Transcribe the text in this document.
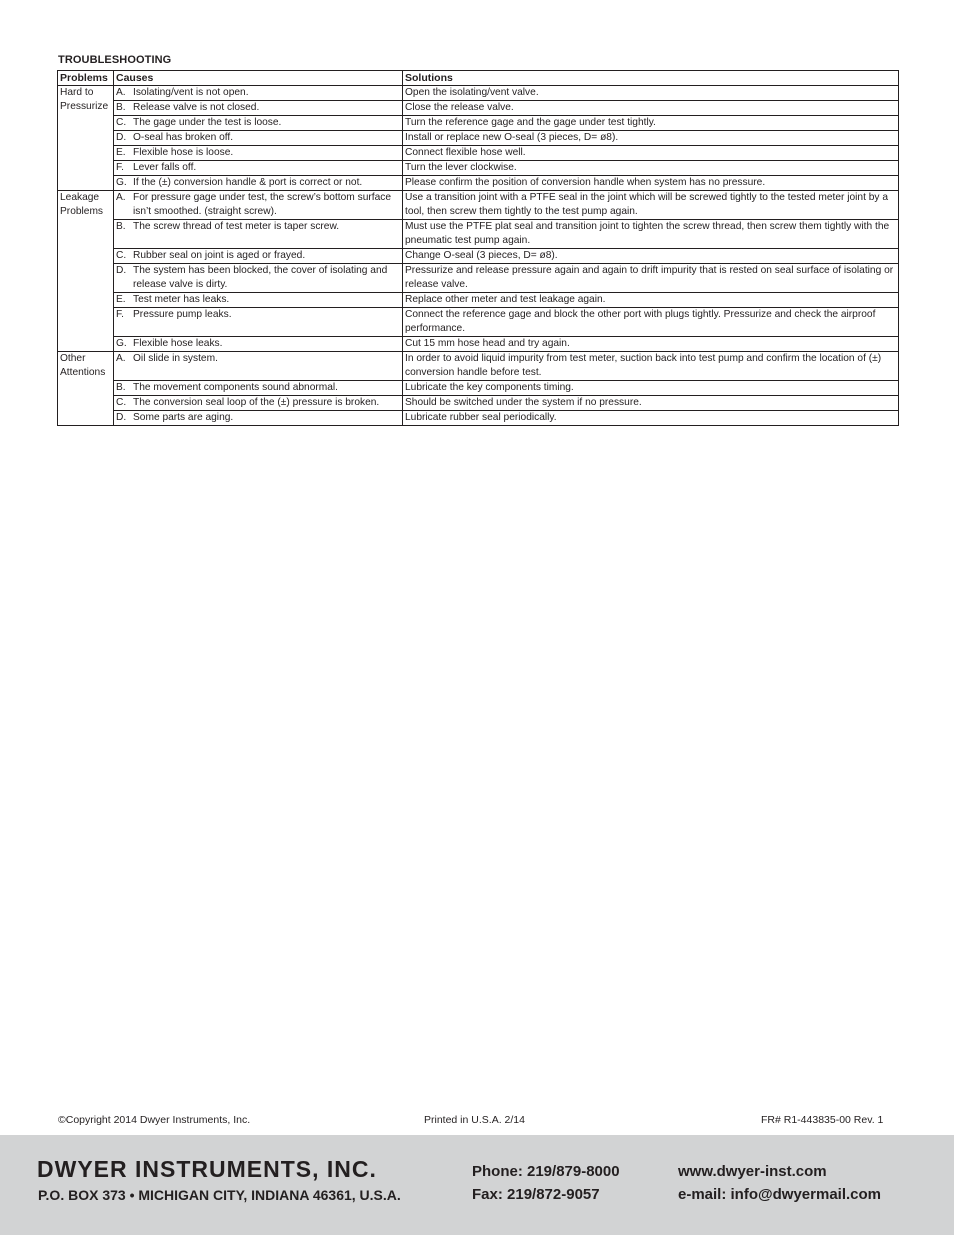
TROUBLESHOOTING
Problems	Causes	Solutions
Hard to Pressurize	A. Isolating/vent is not open.	Open the isolating/vent valve.

	B. Release valve is not closed.	Close the release valve.

	C. The gage under the test is loose.	Turn the reference gage and the gage under test tightly.

	D. O-seal has broken off.	Install or replace new O-seal (3 pieces, D= ø8).

	E. Flexible hose is loose.	Connect flexible hose well.

	F. Lever falls off.	Turn the lever clockwise.

	G. If the (±) conversion handle & port is correct or not.	Please confirm the position of conversion handle when system has no pressure.
Leakage Problems	A. For pressure gage under test, the screw’s bottom surface isn’t smoothed. (straight screw).	Use a transition joint with a PTFE seal in the joint which will be screwed tightly to the tested meter joint by a tool, then screw them tightly to the test pump again.

	B. The screw thread of test meter is taper screw.	Must use the PTFE plat seal and transition joint to tighten the screw thread, then screw them tightly with the pneumatic test pump again.

	C. Rubber seal on joint is aged or frayed.	Change O-seal (3 pieces, D= ø8).

	D. The system has been blocked, the cover of isolating and release valve is dirty.	Pressurize and release pressure again and again to drift impurity that is rested on seal surface of isolating or release valve.

	E. Test meter has leaks.	Replace other meter and test leakage again.

	F. Pressure pump leaks.	Connect the reference gage and block the other port with plugs tightly. Pressurize and check the airproof performance.

	G. Flexible hose leaks.	Cut 15 mm hose head and try again.
Other Attentions	A. Oil slide in system.	In order to avoid liquid impurity from test meter, suction back into test pump and confirm the location of (±) conversion handle before test.

	B. The movement components sound abnormal.	Lubricate the key components timing.

	C. The conversion seal loop of the (±) pressure is broken.	Should be switched under the system if no pressure.

	D. Some parts are aging.	Lubricate rubber seal periodically.
©Copyright 2014 Dwyer Instruments, Inc.	Printed in U.S.A. 2/14	FR# R1-443835-00 Rev. 1
DWYER INSTRUMENTS, INC.
P.O. BOX 373 • MICHIGAN CITY, INDIANA 46361, U.S.A.
Phone: 219/879-8000
Fax: 219/872-9057
www.dwyer-inst.com
e-mail: info@dwyermail.com
